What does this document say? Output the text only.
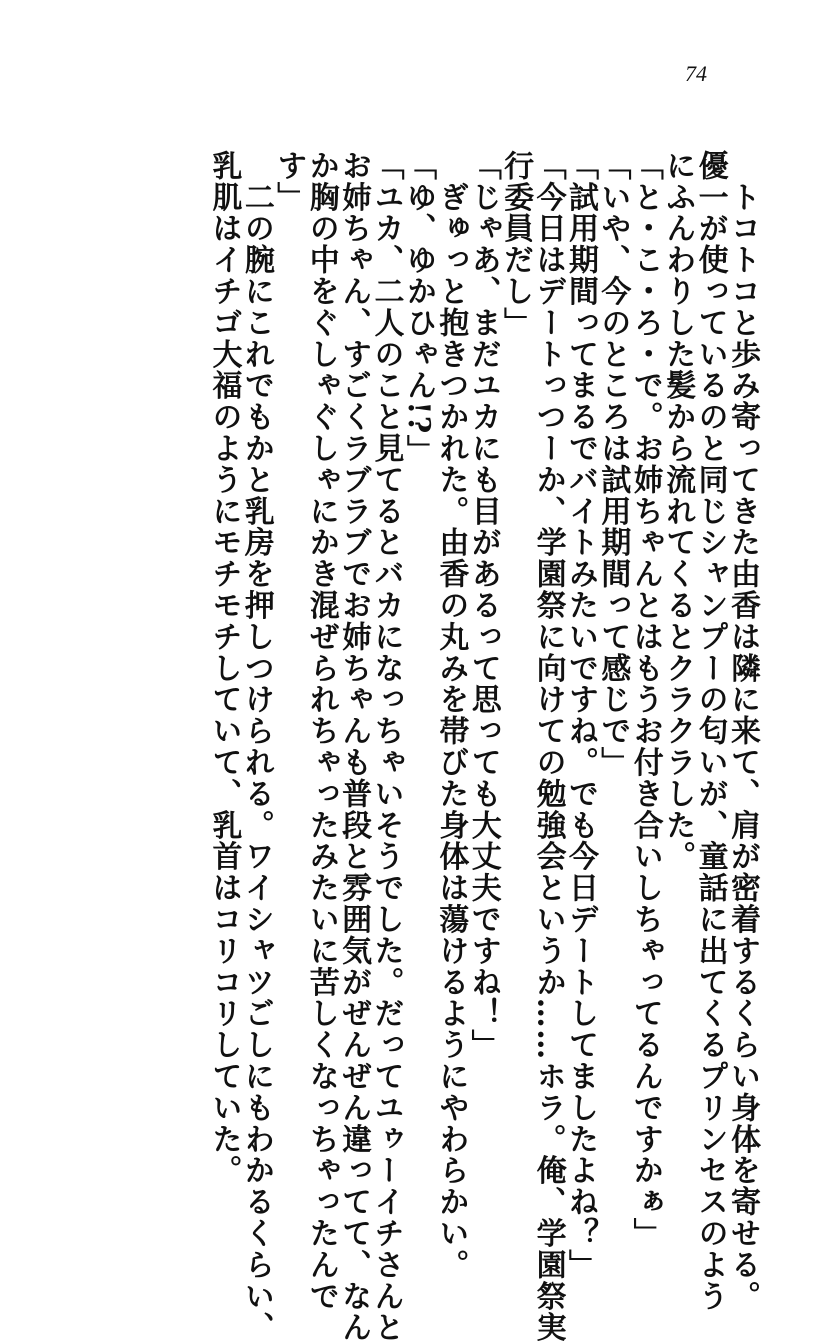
74
　トコトコと歩み寄ってきた由香は隣に来て、肩が密着するくらい身体を寄せる。
優一が使っているのと同じシャンプーの匂いが、童話に出てくるプリンセスのよう
にふんわりした髪から流れてくるとクラクラした。
「と・こ・ろ・で。お姉ちゃんとはもうお付き合いしちゃってるんですかぁ」
「いや、今のところは試用期間って感じで」
「試用期間ってまるでバイトみたいですね。でも今日デートしてましたよね？」
「今日はデートっつーか、学園祭に向けての勉強会というか……ホラ。俺、学園祭実
行委員だし」
「じゃあ、まだユカにも目があるって思っても大丈夫ですね！」
　ぎゅっと抱きつかれた。由香の丸みを帯びた身体は蕩けるようにやわらかい。
「ゆ、ゆかひゃん!?」
「ユカ、二人のこと見てるとバカになっちゃいそうでした。だってユゥーイチさんと
お姉ちゃん、すごくラブラブでお姉ちゃんも普段と雰囲気がぜんぜん違ってて、なん
か胸の中をぐしゃぐしゃにかき混ぜられちゃったみたいに苦しくなっちゃったんで
す」
　二の腕にこれでもかと乳房を押しつけられる。ワイシャツごしにもわかるくらい、
乳肌はイチゴ大福のようにモチモチしていて、乳首はコリコリしていた。
